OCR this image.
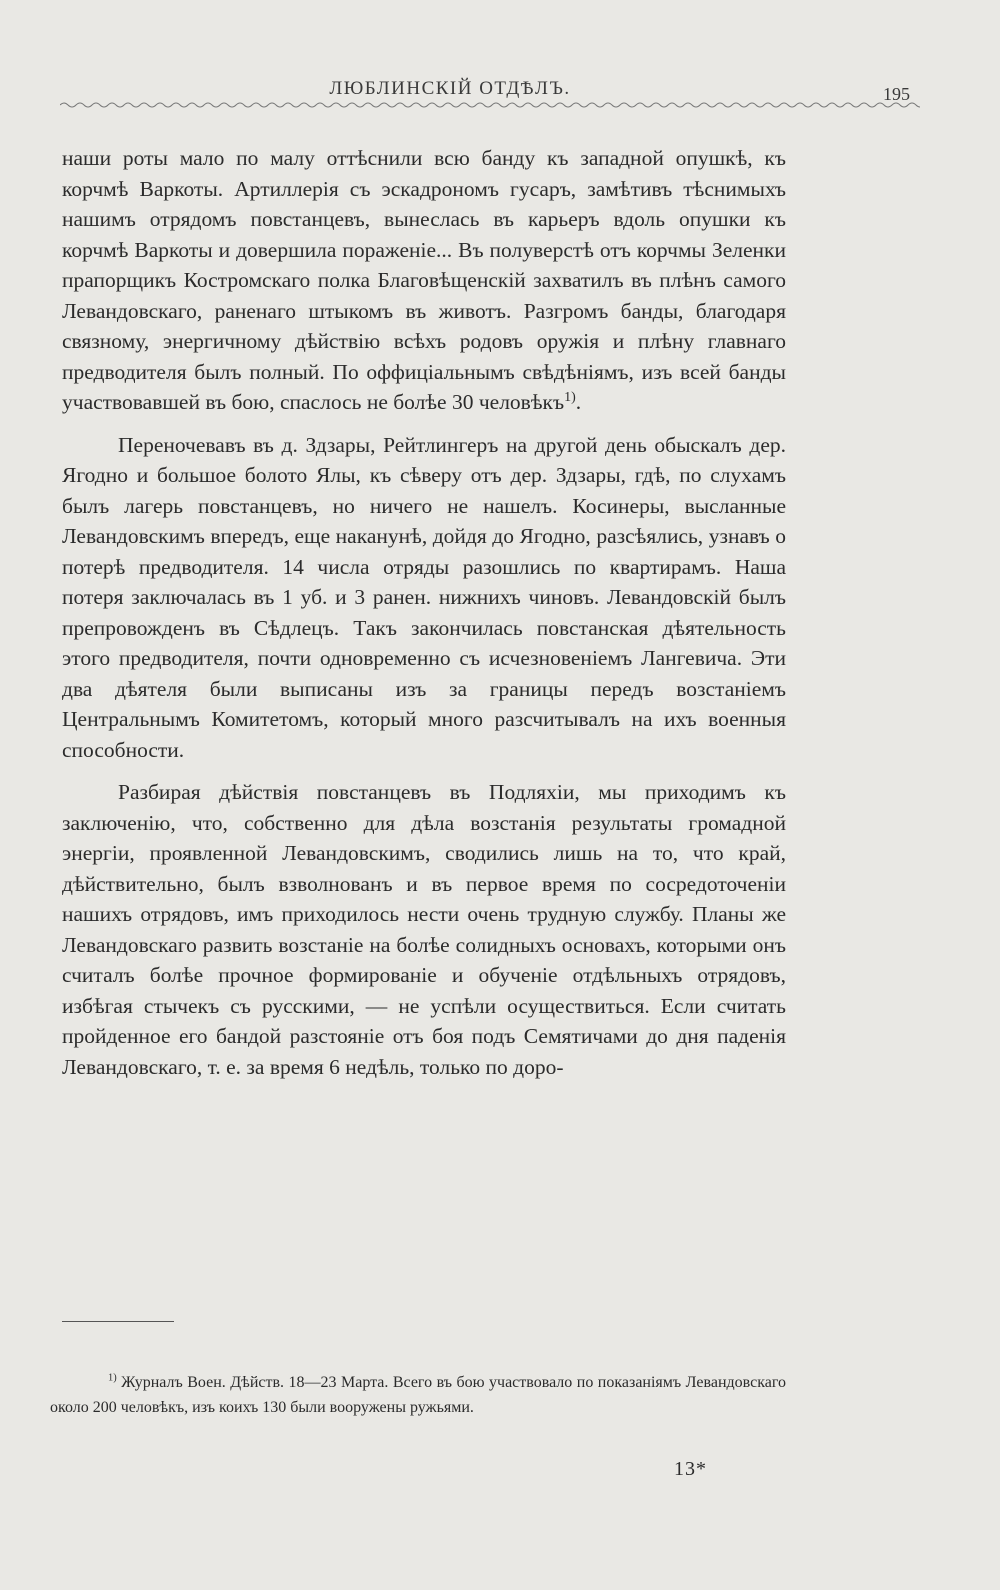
ЛЮБЛИНСКIЙ ОТДѢЛЪ.	195

наши роты мало по малу оттѣснили всю банду къ западной опушкѣ, къ корчмѣ Варкоты. Артиллерія съ эскадрономъ гусаръ, замѣтивъ тѣснимыхъ нашимъ отрядомъ повстанцевъ, вынеслась въ карьеръ вдоль опушки къ корчмѣ Варкоты и довершила пораженіе... Въ полуверстѣ отъ корчмы Зеленки прапорщикъ Костромскаго полка Благовѣщенскій захватилъ въ плѣнъ самого Левандовскаго, раненаго штыкомъ въ животъ. Разгромъ банды, благодаря связному, энергичному дѣйствію всѣхъ родовъ оружія и плѣну главнаго предводителя былъ полный. По оффиціальнымъ свѣдѣніямъ, изъ всей банды участвовавшей въ бою, спаслось не болѣе 30 человѣкъ$^{1)}$.

Переночевавъ въ д. Здзары, Рейтлингеръ на другой день обыскалъ дер. Ягодно и большое болото Ялы, къ сѣверу отъ дер. Здзары, гдѣ, по слухамъ былъ лагерь повстанцевъ, но ничего не нашелъ. Косинеры, высланные Левандовскимъ впередъ, еще наканунѣ, дойдя до Ягодно, разсѣялись, узнавъ о потерѣ предводителя. 14 числа отряды разошлись по квартирамъ. Наша потеря заключалась въ 1 уб. и 3 ранен. нижнихъ чиновъ. Левандовскій былъ препровожденъ въ Сѣдлецъ. Такъ закончилась повстанская дѣятельность этого предводителя, почти одновременно съ исчезновеніемъ Лангевича. Эти два дѣятеля были выписаны изъ за границы передъ возстаніемъ Центральнымъ Комитетомъ, который много разсчитывалъ на ихъ военныя способности.

Разбирая дѣйствія повстанцевъ въ Подляхіи, мы приходимъ къ заключенію, что, собственно для дѣла возстанія результаты громадной энергіи, проявленной Левандовскимъ, сводились лишь на то, что край, дѣйствительно, былъ взволнованъ и въ первое время по сосредоточеніи нашихъ отрядовъ, имъ приходилось нести очень трудную службу. Планы же Левандовскаго развить возстаніе на болѣе солидныхъ основахъ, которыми онъ считалъ болѣе прочное формированіе и обученіе отдѣльныхъ отрядовъ, избѣгая стычекъ съ русскими, — не успѣли осуществиться. Если считать пройденное его бандой разстояніе отъ боя подъ Семятичами до дня паденія Левандовскаго, т. е. за время 6 недѣль, только по доро-

$^{1)}$ Журналъ Воен. Дѣйств. 18—23 Марта. Всего въ бою участвовало по показаніямъ Левандовскаго около 200 человѣкъ, изъ коихъ 130 были вооружены ружьями.
13*
